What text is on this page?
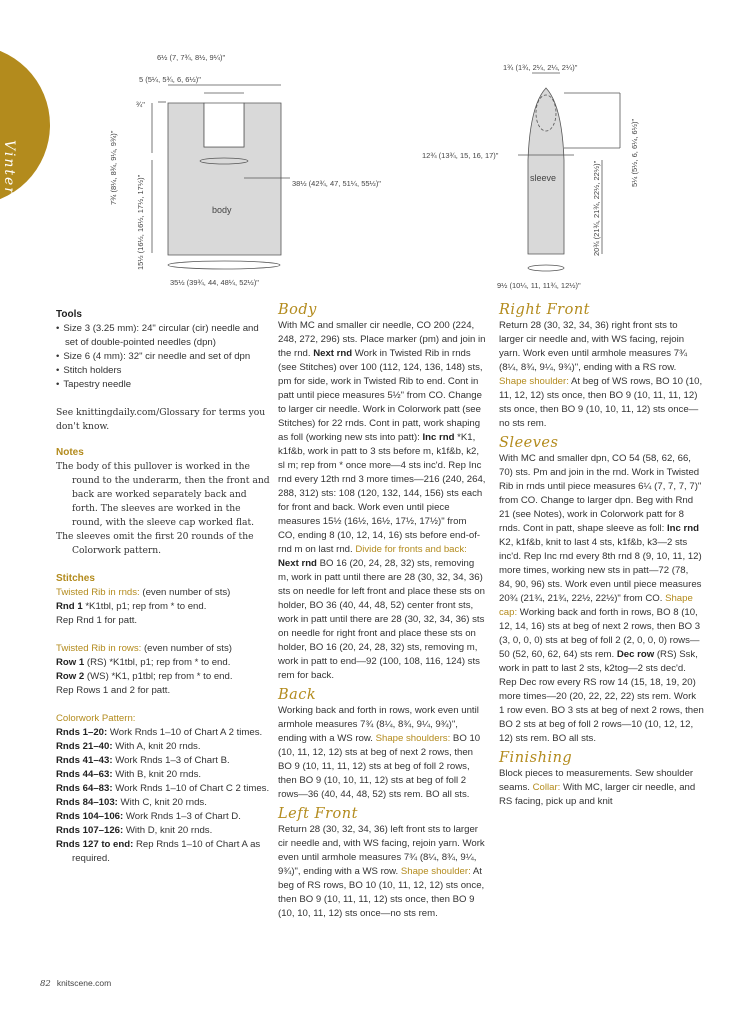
Vinter
6½ (7, 7¾, 8½, 9¼)"
5 (5¼, 5¾, 6, 6½)"
¾"
7¾ (8¼, 8¾, 9¼, 9¾)"	38½ (42¾, 47, 51¼, 55½)"
15½ (16½, 16½, 17½, 17½)"	body
35½ (39¾, 44, 48¼, 52½)"
1¾ (1¾, 2¼, 2¼, 2¼)"
5¼ (5½, 6, 6¼, 6½)"
12¾ (13¾, 15, 16, 17)"
sleeve	20¾ (21¾, 21¾, 22½, 22½)"
9½ (10¼, 11, 11¾, 12½)"
Tools
• Size 3 (3.25 mm): 24" circular (cir) needle and set of double-pointed needles (dpn)
• Size 6 (4 mm): 32" cir needle and set of dpn
• Stitch holders
• Tapestry needle
See knittingdaily.com/Glossary for terms you don't know.
Notes
The body of this pullover is worked in the round to the underarm, then the front and back are worked separately back and forth. The sleeves are worked in the round, with the sleeve cap worked flat.
The sleeves omit the first 20 rounds of the Colorwork pattern.
Stitches
Twisted Rib in rnds: (even number of sts)
Rnd 1 *K1tbl, p1; rep from * to end.
Rep Rnd 1 for patt.
Twisted Rib in rows: (even number of sts)
Row 1 (RS) *K1tbl, p1; rep from * to end.
Row 2 (WS) *K1, p1tbl; rep from * to end.
Rep Rows 1 and 2 for patt.
Colorwork Pattern:
Rnds 1–20: Work Rnds 1–10 of Chart A 2 times.
Rnds 21–40: With A, knit 20 rnds.
Rnds 41–43: Work Rnds 1–3 of Chart B.
Rnds 44–63: With B, knit 20 rnds.
Rnds 64–83: Work Rnds 1–10 of Chart C 2 times.
Rnds 84–103: With C, knit 20 rnds.
Rnds 104–106: Work Rnds 1–3 of Chart D.
Rnds 107–126: With D, knit 20 rnds.
Rnds 127 to end: Rep Rnds 1–10 of Chart A as required.
Body
With MC and smaller cir needle, CO 200 (224, 248, 272, 296) sts. Place marker (pm) and join in the rnd. Next rnd Work in Twisted Rib in rnds (see Stitches) over 100 (112, 124, 136, 148) sts, pm for side, work in Twisted Rib to end. Cont in patt until piece measures 5½" from CO. Change to larger cir needle. Work in Colorwork patt (see Stitches) for 22 rnds. Cont in patt, work shaping as foll (working new sts into patt): Inc rnd *K1, k1f&b, work in patt to 3 sts before m, k1f&b, k2, sl m; rep from * once more—4 sts inc'd. Rep Inc rnd every 12th rnd 3 more times—216 (240, 264, 288, 312) sts: 108 (120, 132, 144, 156) sts each for front and back. Work even until piece measures 15½ (16½, 16½, 17½, 17½)" from CO, ending 8 (10, 12, 14, 16) sts before end-of-rnd m on last rnd. Divide for fronts and back: Next rnd BO 16 (20, 24, 28, 32) sts, removing m, work in patt until there are 28 (30, 32, 34, 36) sts on needle for left front and place these sts on holder, BO 36 (40, 44, 48, 52) center front sts, work in patt until there are 28 (30, 32, 34, 36) sts on needle for right front and place these sts on holder, BO 16 (20, 24, 28, 32) sts, removing m, work in patt to end—92 (100, 108, 116, 124) sts rem for back.
Back
Working back and forth in rows, work even until armhole measures 7¾ (8¼, 8¾, 9¼, 9¾)", ending with a WS row. Shape shoulders: BO 10 (10, 11, 12, 12) sts at beg of next 2 rows, then BO 9 (10, 11, 11, 12) sts at beg of foll 2 rows, then BO 9 (10, 10, 11, 12) sts at beg of foll 2 rows—36 (40, 44, 48, 52) sts rem. BO all sts.
Left Front
Return 28 (30, 32, 34, 36) left front sts to larger cir needle and, with WS facing, rejoin yarn. Work even until armhole measures 7¾ (8¼, 8¾, 9¼, 9¾)", ending with a WS row. Shape shoulder: At beg of RS rows, BO 10 (10, 11, 12, 12) sts once, then BO 9 (10, 11, 11, 12) sts once, then BO 9 (10, 10, 11, 12) sts once—no sts rem.
Right Front
Return 28 (30, 32, 34, 36) right front sts to larger cir needle and, with WS facing, rejoin yarn. Work even until armhole measures 7¾ (8¼, 8¾, 9¼, 9¾)", ending with a RS row. Shape shoulder: At beg of WS rows, BO 10 (10, 11, 12, 12) sts once, then BO 9 (10, 11, 11, 12) sts once, then BO 9 (10, 10, 11, 12) sts once—no sts rem.
Sleeves
With MC and smaller dpn, CO 54 (58, 62, 66, 70) sts. Pm and join in the rnd. Work in Twisted Rib in rnds until piece measures 6¼ (7, 7, 7, 7)" from CO. Change to larger dpn. Beg with Rnd 21 (see Notes), work in Colorwork patt for 8 rnds. Cont in patt, shape sleeve as foll: Inc rnd K2, k1f&b, knit to last 4 sts, k1f&b, k3—2 sts inc'd. Rep Inc rnd every 8th rnd 8 (9, 10, 11, 12) more times, working new sts in patt—72 (78, 84, 90, 96) sts. Work even until piece measures 20¾ (21¾, 21¾, 22½, 22½)" from CO. Shape cap: Working back and forth in rows, BO 8 (10, 12, 14, 16) sts at beg of next 2 rows, then BO 3 (3, 0, 0, 0) sts at beg of foll 2 (2, 0, 0, 0) rows—50 (52, 60, 62, 64) sts rem. Dec row (RS) Ssk, work in patt to last 2 sts, k2tog—2 sts dec'd. Rep Dec row every RS row 14 (15, 18, 19, 20) more times—20 (20, 22, 22, 22) sts rem. Work 1 row even. BO 3 sts at beg of next 2 rows, then BO 2 sts at beg of foll 2 rows—10 (10, 12, 12, 12) sts rem. BO all sts.
Finishing
Block pieces to measurements. Sew shoulder seams. Collar: With MC, larger cir needle, and RS facing, pick up and knit
82 knitscene.com
